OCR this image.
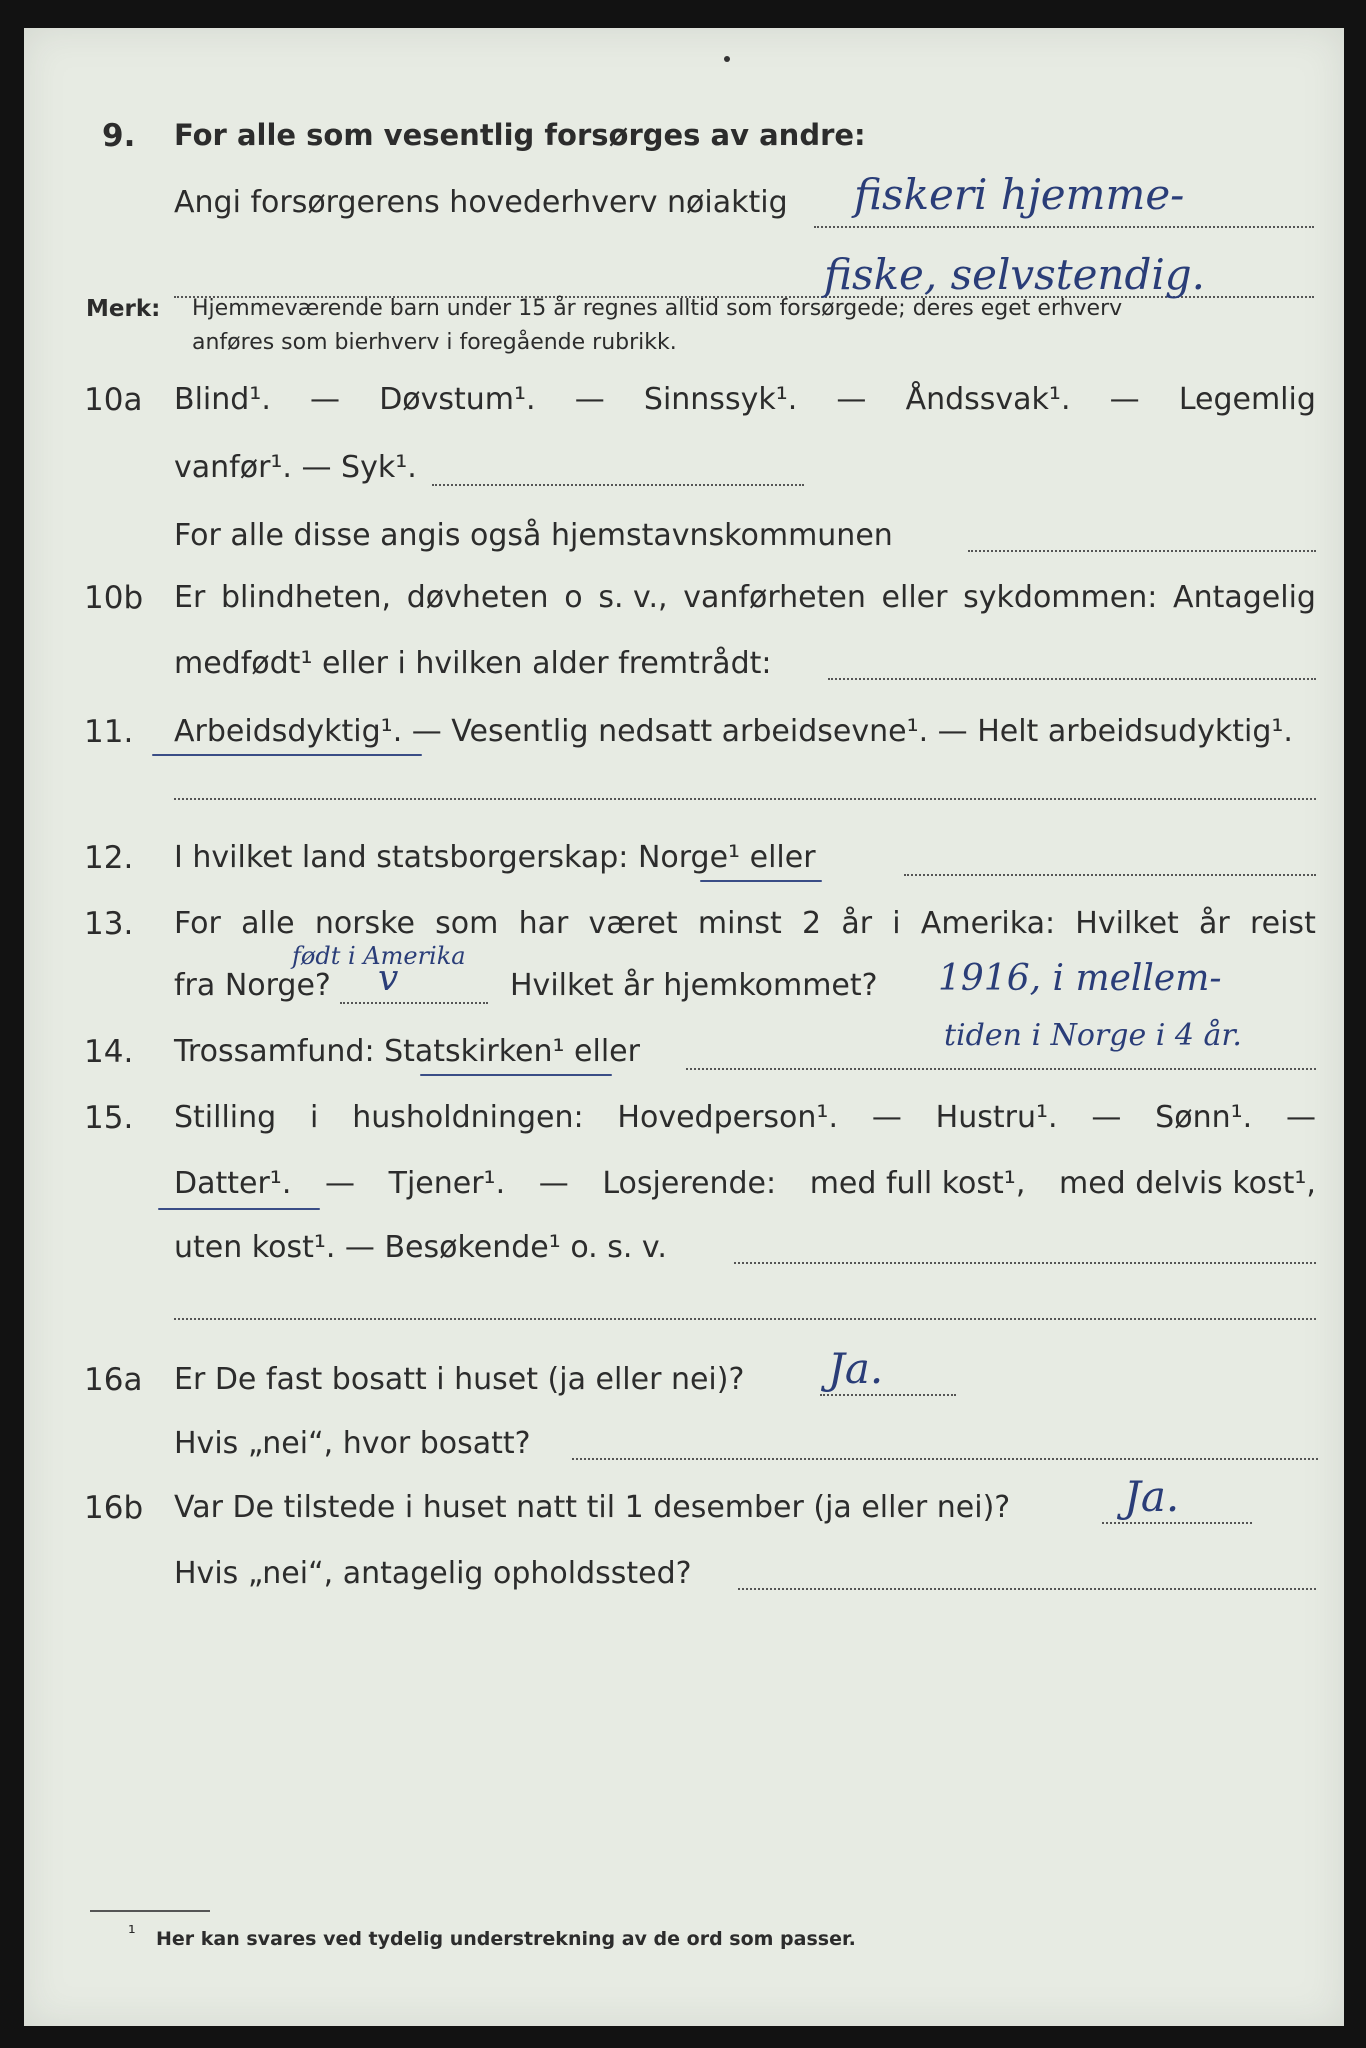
9. For alle som vesentlig forsørges av andre:
Angi forsørgerens hovederhverv nøiaktig fiskeri hjemme-
fiske, selvstendig.
Merk: Hjemmeværende barn under 15 år regnes alltid som forsørgede; deres eget erhverv
anføres som bierhverv i foregående rubrikk.
10a Blind¹. — Døvstum¹. — Sinnssyk¹. — Åndssvak¹. — Legemlig
vanfør¹. — Syk¹.
For alle disse angis også hjemstavnskommunen
10b Er blindheten, døvheten o s. v., vanførheten eller sykdommen: Antagelig
medfødt¹ eller i hvilken alder fremtrådt:
11. Arbeidsdyktig¹. — Vesentlig nedsatt arbeidsevne¹. — Helt arbeidsudyktig¹.
12. I hvilket land statsborgerskap: Norge¹ eller
13. For alle norske som har været minst 2 år i Amerika: Hvilket år reist
født i Amerika
fra Norge? v	Hvilket år hjemkommet? 1916, i mellem-
tiden i Norge i 4 år.
14. Trossamfund: Statskirken¹ eller
15. Stilling i husholdningen: Hovedperson¹. — Hustru¹. — Sønn¹. —
Datter¹. — Tjener¹. — Losjerende: med full kost¹, med delvis kost¹,
uten kost¹. — Besøkende¹ o. s. v.
16a Er De fast bosatt i huset (ja eller nei)? Ja.
Hvis „nei“, hvor bosatt?
16b Var De tilstede i huset natt til 1 desember (ja eller nei)?	Ja.
Hvis „nei“, antagelig opholdssted?
¹ Her kan svares ved tydelig understrekning av de ord som passer.
